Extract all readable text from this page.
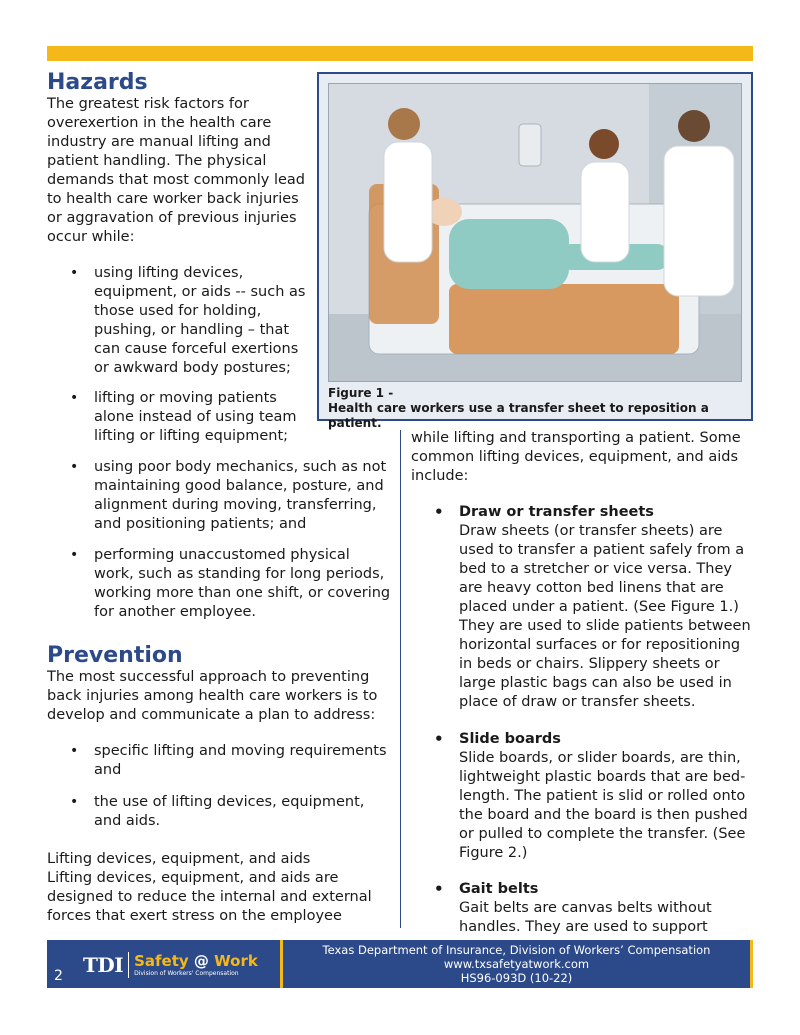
Hazards
The greatest risk factors for overexertion in the health care industry are manual lifting and patient handling. The physical demands that most commonly lead to health care worker back injuries or aggravation of previous injuries occur while:
• using lifting devices, equipment, or aids -- such as those used for holding, pushing, or handling – that can cause forceful exertions or awkward body postures;
• lifting or moving patients alone instead of using team lifting or lifting equipment;
• using poor body mechanics, such as not maintaining good balance, posture, and alignment during moving, transferring, and positioning patients; and
• performing unaccustomed physical work, such as standing for long periods, working more than one shift, or covering for another employee.
Prevention
The most successful approach to preventing back injuries among health care workers is to develop and communicate a plan to address:
• specific lifting and moving requirements and
• the use of lifting devices, equipment, and aids.
Lifting devices, equipment, and aids
Lifting devices, equipment, and aids are designed to reduce the internal and external forces that exert stress on the employee
Figure 1 -
Health care workers use a transfer sheet to reposition a patient.
while lifting and transporting a patient. Some common lifting devices, equipment, and aids include:
• Draw or transfer sheets
Draw sheets (or transfer sheets) are used to transfer a patient safely from a bed to a stretcher or vice versa. They are heavy cotton bed linens that are placed under a patient. (See Figure 1.) They are used to slide patients between horizontal surfaces or for repositioning in beds or chairs. Slippery sheets or large plastic bags can also be used in place of draw or transfer sheets.
• Slide boards
Slide boards, or slider boards, are thin, lightweight plastic boards that are bed-length. The patient is slid or rolled onto the board and the board is then pushed or pulled to complete the transfer. (See Figure 2.)
• Gait belts
Gait belts are canvas belts without handles. They are used to support
2 TDI Safety @ Work
Division of Workers' Compensation
Texas Department of Insurance, Division of Workers’ Compensation
www.txsafetyatwork.com
HS96-093D (10-22)
